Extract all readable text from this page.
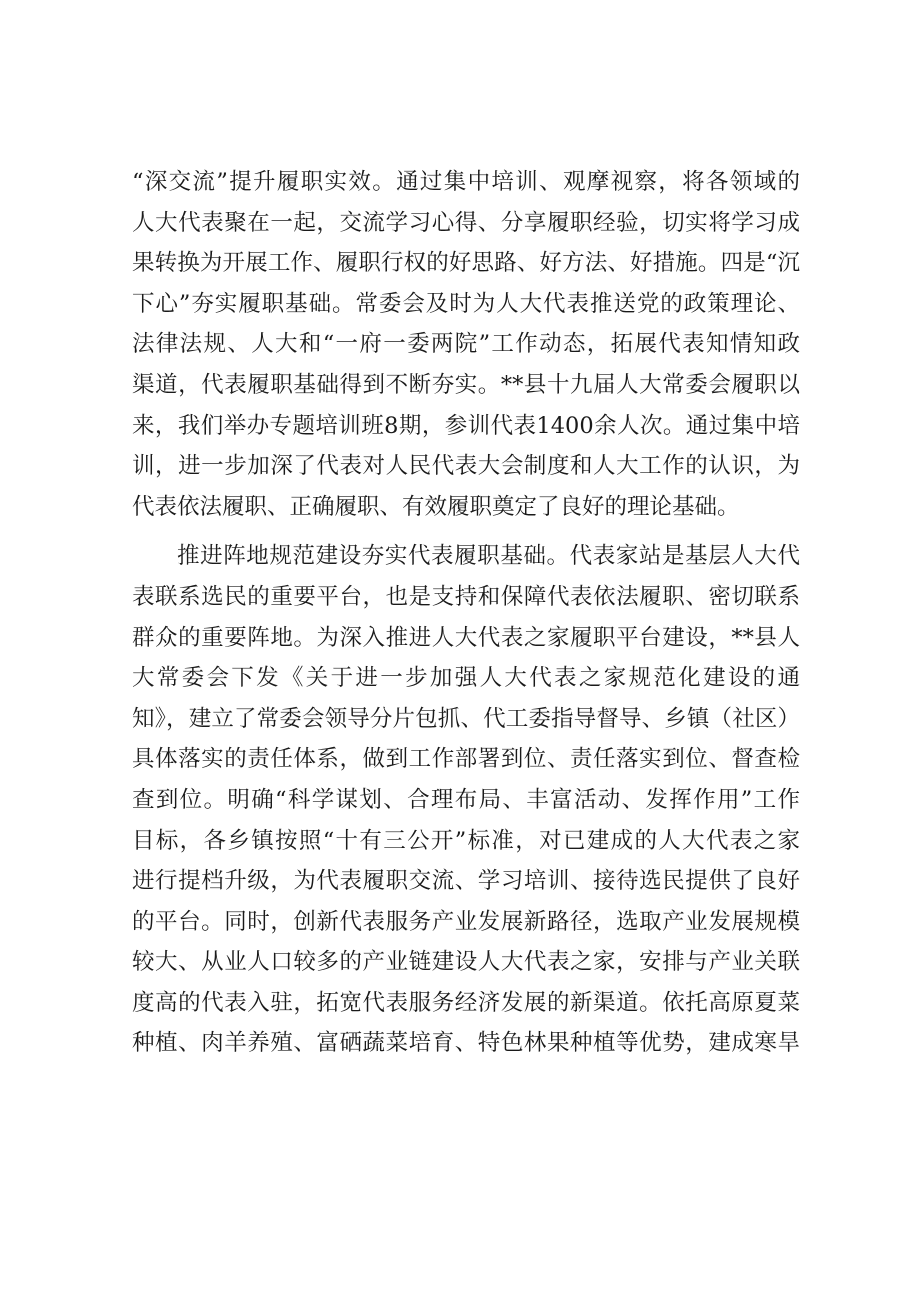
“深交流”提升履职实效。通过集中培训、观摩视察，将各领域的
人大代表聚在一起，交流学习心得、分享履职经验，切实将学习成
果转换为开展工作、履职行权的好思路、好方法、好措施。四是“沉
下心”夯实履职基础。常委会及时为人大代表推送党的政策理论、
法律法规、人大和“一府一委两院”工作动态，拓展代表知情知政
渠道，代表履职基础得到不断夯实。**县十九届人大常委会履职以
来，我们举办专题培训班8期，参训代表1400余人次。通过集中培
训，进一步加深了代表对人民代表大会制度和人大工作的认识，为
代表依法履职、正确履职、有效履职奠定了良好的理论基础。
推进阵地规范建设夯实代表履职基础。代表家站是基层人大代
表联系选民的重要平台，也是支持和保障代表依法履职、密切联系
群众的重要阵地。为深入推进人大代表之家履职平台建设，**县人
大常委会下发《关于进一步加强人大代表之家规范化建设的通
知》，建立了常委会领导分片包抓、代工委指导督导、乡镇（社区）
具体落实的责任体系，做到工作部署到位、责任落实到位、督查检
查到位。明确“科学谋划、合理布局、丰富活动、发挥作用”工作
目标，各乡镇按照“十有三公开”标准，对已建成的人大代表之家
进行提档升级，为代表履职交流、学习培训、接待选民提供了良好
的平台。同时，创新代表服务产业发展新路径，选取产业发展规模
较大、从业人口较多的产业链建设人大代表之家，安排与产业关联
度高的代表入驻，拓宽代表服务经济发展的新渠道。依托高原夏菜
种植、肉羊养殖、富硒蔬菜培育、特色林果种植等优势，建成寒旱
